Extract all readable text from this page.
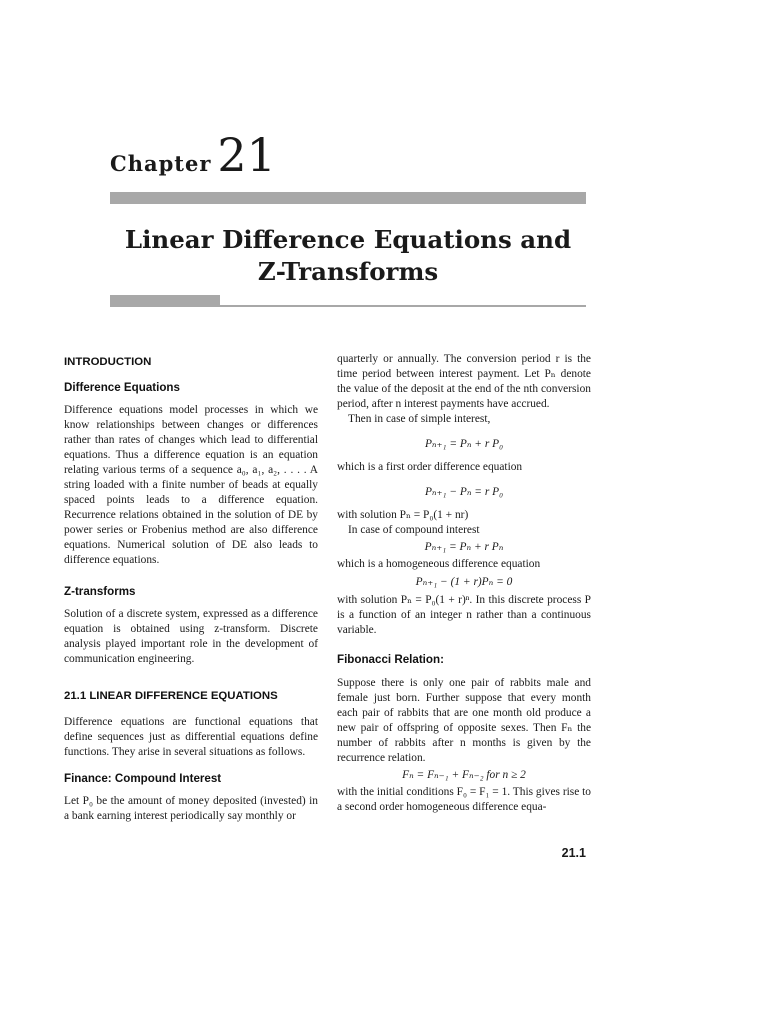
Chapter 21
Linear Difference Equations and
Z-Transforms
INTRODUCTION
Difference Equations

Difference equations model processes in which we know relationships between changes or differences rather than rates of changes which lead to differential equations. Thus a difference equation is an equation relating various terms of a sequence a₀, a₁, a₂, . . . . A string loaded with a finite number of beads at equally spaced points leads to a difference equation. Recurrence relations obtained in the solution of DE by power series or Frobenius method are also difference equations. Numerical solution of DE also leads to difference equations.

Z-transforms

Solution of a discrete system, expressed as a difference equation is obtained using z-transform. Discrete analysis played important role in the development of communication engineering.

21.1 LINEAR DIFFERENCE EQUATIONS

Difference equations are functional equations that define sequences just as differential equations define functions. They arise in several situations as follows.

Finance: Compound Interest

Let P₀ be the amount of money deposited (invested) in a bank earning interest periodically say monthly or

quarterly or annually. The conversion period r is the time period between interest payment. Let Pₙ denote the value of the deposit at the end of the nth conversion period, after n interest payments have accrued.

Then in case of simple interest,

Pₙ₊₁ = Pₙ + r P₀

which is a first order difference equation

Pₙ₊₁ − Pₙ = r P₀

with solution Pₙ = P₀(1 + nr)

In case of compound interest

Pₙ₊₁ = Pₙ + r Pₙ

which is a homogeneous difference equation

Pₙ₊₁ − (1 + r)Pₙ = 0

with solution Pₙ = P₀(1 + r)ⁿ. In this discrete process P is a function of an integer n rather than a continuous variable.

Fibonacci Relation:

Suppose there is only one pair of rabbits male and female just born. Further suppose that every month each pair of rabbits that are one month old produce a new pair of offspring of opposite sexes. Then Fₙ the number of rabbits after n months is given by the recurrence relation.

Fₙ = Fₙ₋₁ + Fₙ₋₂ for n ≥ 2

with the initial conditions F₀ = F₁ = 1. This gives rise to a second order homogeneous difference equa-

21.1
